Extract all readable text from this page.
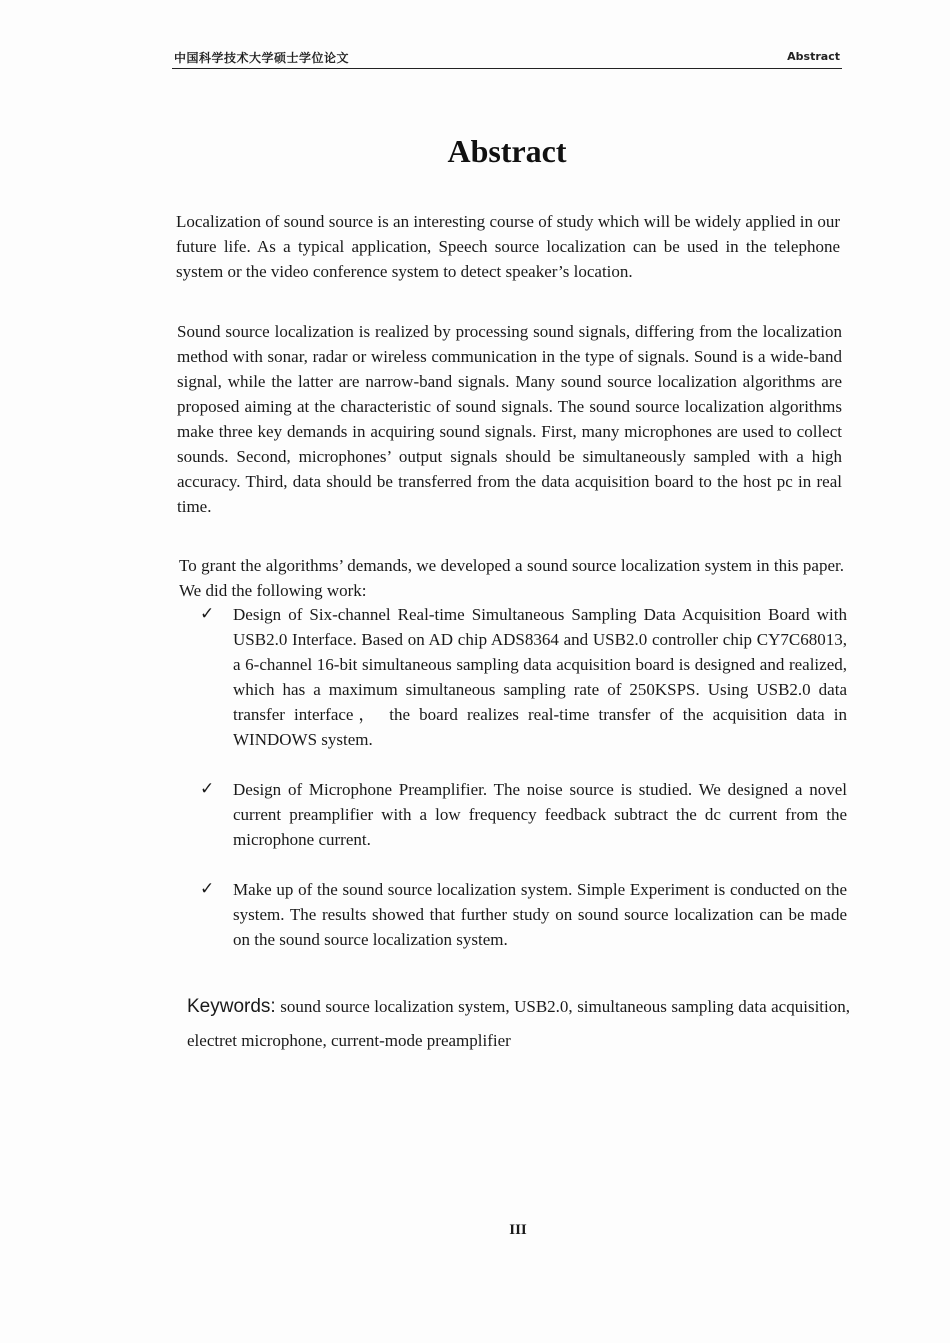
中国科学技术大学硕士学位论文	Abstract
Abstract

Localization of sound source is an interesting course of study which will be widely applied in our future life. As a typical application, Speech source localization can be used in the telephone system or the video conference system to detect speaker’s location.

Sound source localization is realized by processing sound signals, differing from the localization method with sonar, radar or wireless communication in the type of signals. Sound is a wide-band signal, while the latter are narrow-band signals. Many sound source localization algorithms are proposed aiming at the characteristic of sound signals. The sound source localization algorithms make three key demands in acquiring sound signals. First, many microphones are used to collect sounds. Second, microphones’ output signals should be simultaneously sampled with a high accuracy. Third, data should be transferred from the data acquisition board to the host pc in real time.

To grant the algorithms’ demands, we developed a sound source localization system in this paper. We did the following work:

✓ Design of Six-channel Real-time Simultaneous Sampling Data Acquisition Board with USB2.0 Interface. Based on AD chip ADS8364 and USB2.0 controller chip CY7C68013, a 6-channel 16-bit simultaneous sampling data acquisition board is designed and realized, which has a maximum simultaneous sampling rate of 250KSPS. Using USB2.0 data transfer interface， the board realizes real-time transfer of the acquisition data in WINDOWS system.

✓ Design of Microphone Preamplifier. The noise source is studied. We designed a novel current preamplifier with a low frequency feedback subtract the dc current from the microphone current.

✓ Make up of the sound source localization system. Simple Experiment is conducted on the system. The results showed that further study on sound source localization can be made on the sound source localization system.

Keywords: sound source localization system, USB2.0, simultaneous sampling data acquisition, electret microphone, current-mode preamplifier

III
